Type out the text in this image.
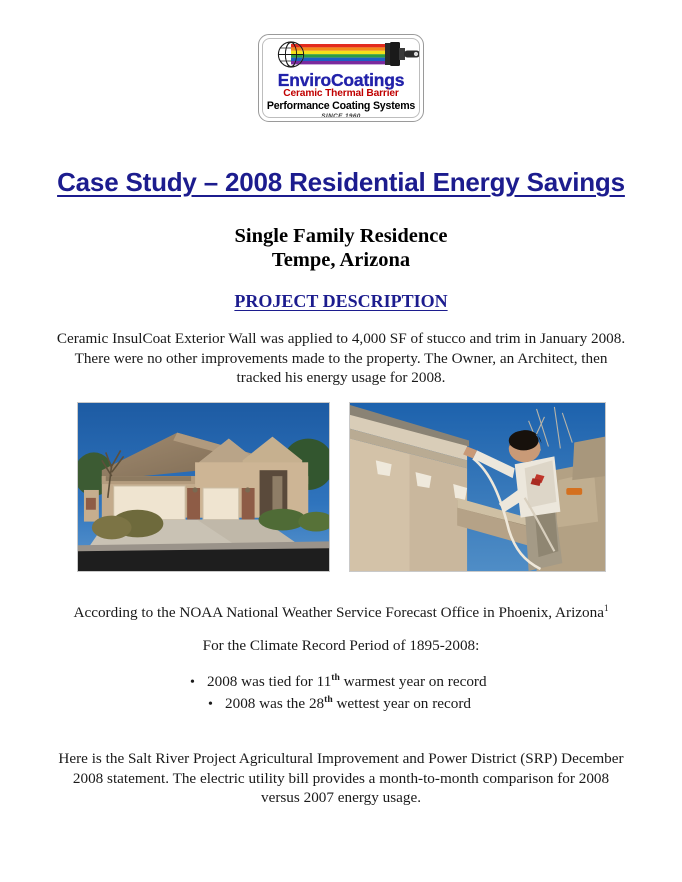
EnviroCoatings
Ceramic Thermal Barrier
Performance Coating Systems
SINCE 1960
Case Study – 2008 Residential Energy Savings
Single Family Residence
Tempe, Arizona
PROJECT DESCRIPTION
Ceramic InsulCoat Exterior Wall was applied to 4,000 SF of stucco and trim in January 2008. There were no other improvements made to the property. The Owner, an Architect, then tracked his energy usage for 2008.
According to the NOAA National Weather Service Forecast Office in Phoenix, Arizona$^1$
For the Climate Record Period of 1895-2008:
• 2008 was tied for 11th warmest year on record
• 2008 was the 28th wettest year on record
Here is the Salt River Project Agricultural Improvement and Power District (SRP) December 2008 statement. The electric utility bill provides a month-to-month comparison for 2008 versus 2007 energy usage.
